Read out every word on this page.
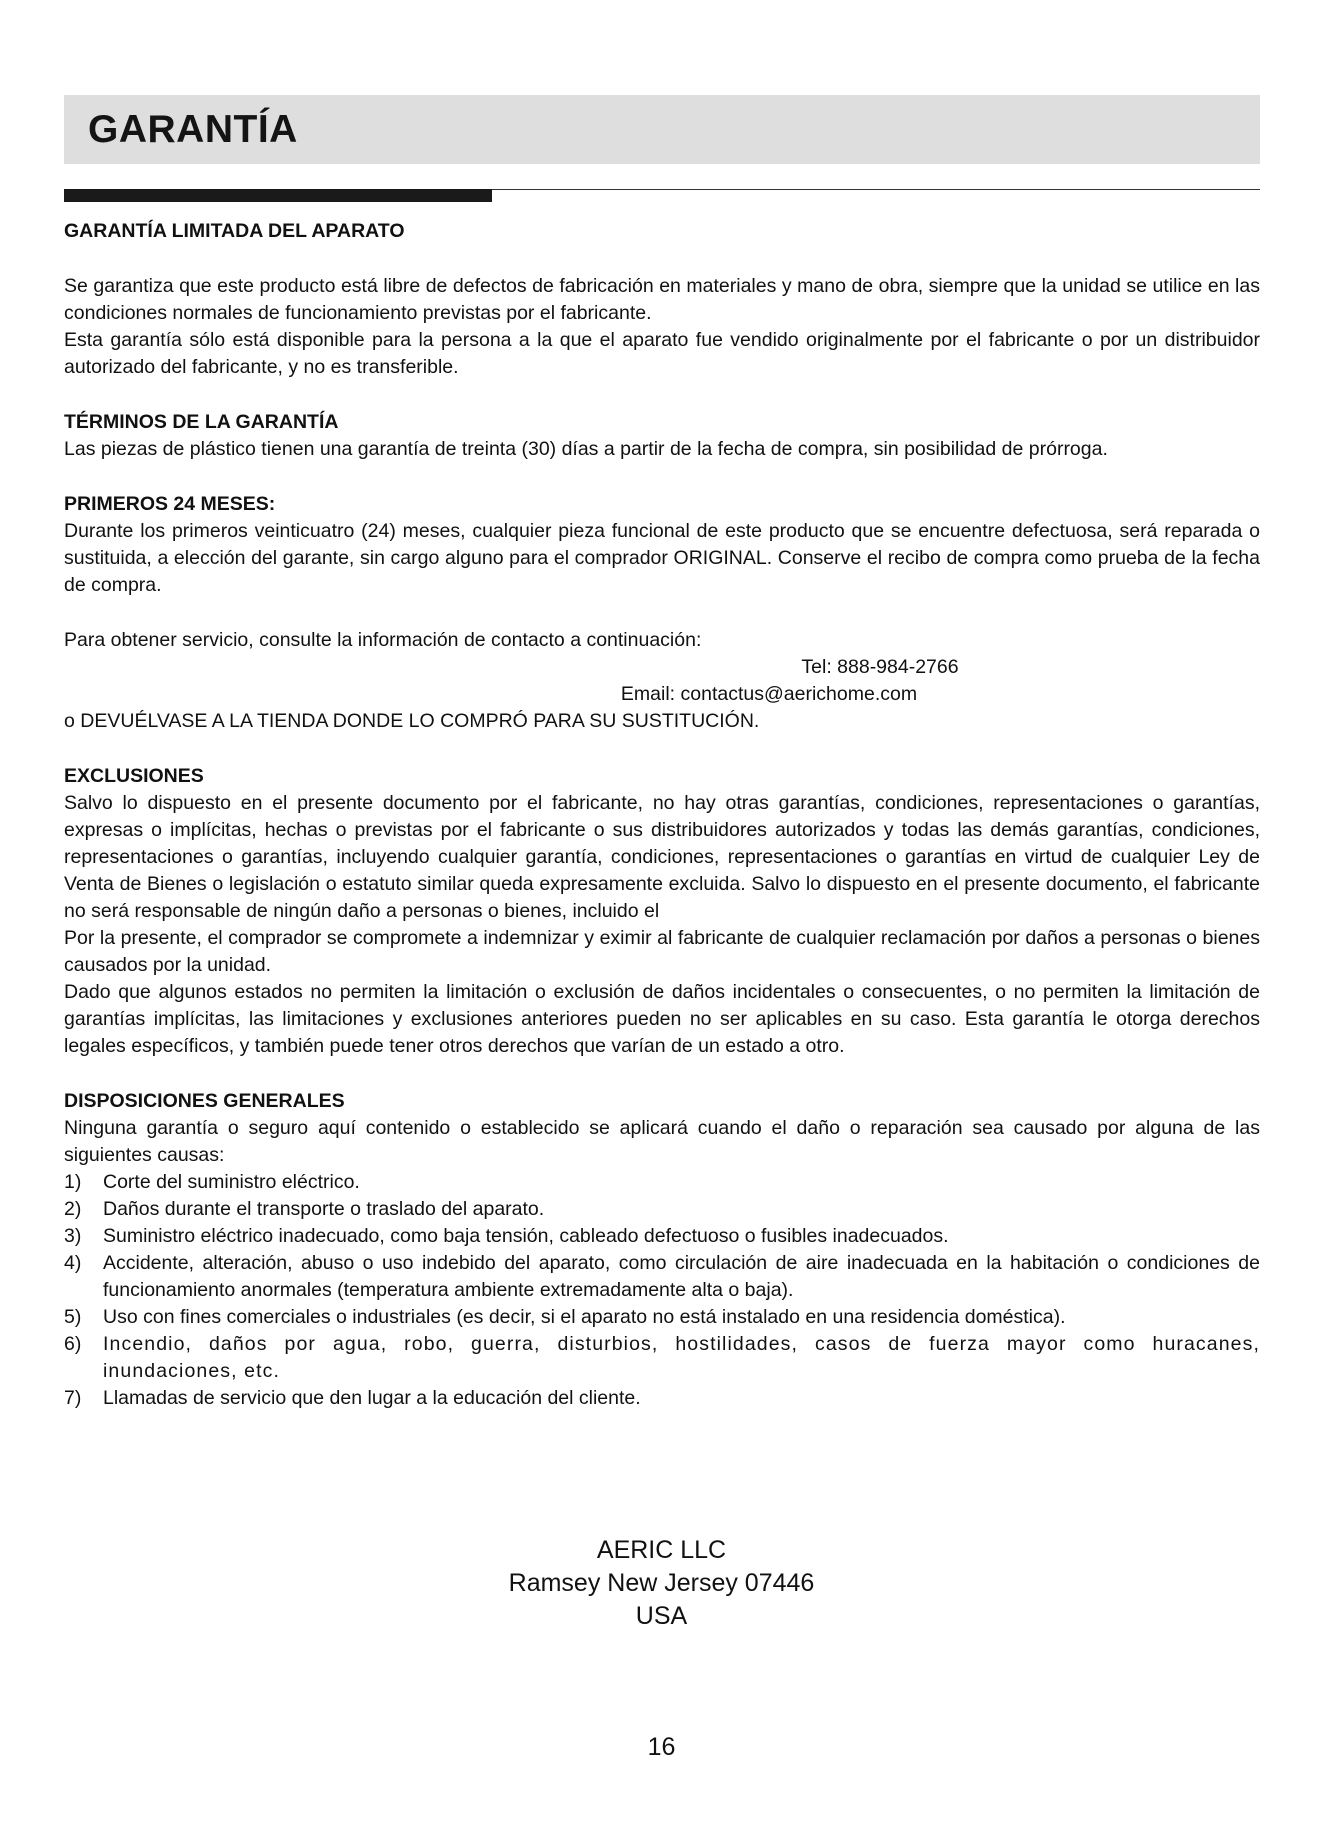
GARANTÍA

GARANTÍA LIMITADA DEL APARATO

Se garantiza que este producto está libre de defectos de fabricación en materiales y mano de obra, siempre que la unidad se utilice en las condiciones normales de funcionamiento previstas por el fabricante.

Esta garantía sólo está disponible para la persona a la que el aparato fue vendido originalmente por el fabricante o por un distribuidor autorizado del fabricante, y no es transferible.

TÉRMINOS DE LA GARANTÍA

Las piezas de plástico tienen una garantía de treinta (30) días a partir de la fecha de compra, sin posibilidad de prórroga.

PRIMEROS 24 MESES:

Durante los primeros veinticuatro (24) meses, cualquier pieza funcional de este producto que se encuentre defectuosa, será reparada o sustituida, a elección del garante, sin cargo alguno para el comprador ORIGINAL. Conserve el recibo de compra como prueba de la fecha de compra.

Para obtener servicio, consulte la información de contacto a continuación:

Tel: 888-984-2766

Email: contactus@aerichome.com

o DEVUÉLVASE A LA TIENDA DONDE LO COMPRÓ PARA SU SUSTITUCIÓN.

EXCLUSIONES

Salvo lo dispuesto en el presente documento por el fabricante, no hay otras garantías, condiciones, representaciones o garantías, expresas o implícitas, hechas o previstas por el fabricante o sus distribuidores autorizados y todas las demás garantías, condiciones, representaciones o garantías, incluyendo cualquier garantía, condiciones, representaciones o garantías en virtud de cualquier Ley de Venta de Bienes o legislación o estatuto similar queda expresamente excluida. Salvo lo dispuesto en el presente documento, el fabricante no será responsable de ningún daño a personas o bienes, incluido el

Por la presente, el comprador se compromete a indemnizar y eximir al fabricante de cualquier reclamación por daños a personas o bienes causados por la unidad.

Dado que algunos estados no permiten la limitación o exclusión de daños incidentales o consecuentes, o no permiten la limitación de garantías implícitas, las limitaciones y exclusiones anteriores pueden no ser aplicables en su caso. Esta garantía le otorga derechos legales específicos, y también puede tener otros derechos que varían de un estado a otro.

DISPOSICIONES GENERALES

Ninguna garantía o seguro aquí contenido o establecido se aplicará cuando el daño o reparación sea causado por alguna de las siguientes causas:

1)	Corte del suministro eléctrico.
2)	Daños durante el transporte o traslado del aparato.
3)	Suministro eléctrico inadecuado, como baja tensión, cableado defectuoso o fusibles inadecuados.
4)	Accidente, alteración, abuso o uso indebido del aparato, como circulación de aire inadecuada en la habitación o condiciones de funcionamiento anormales (temperatura ambiente extremadamente alta o baja).
5)	Uso con fines comerciales o industriales (es decir, si el aparato no está instalado en una residencia doméstica).
6)	Incendio, daños por agua, robo, guerra, disturbios, hostilidades, casos de fuerza mayor como huracanes, inundaciones, etc.
7)	Llamadas de servicio que den lugar a la educación del cliente.
AERIC LLC
Ramsey New Jersey 07446
USA
16
